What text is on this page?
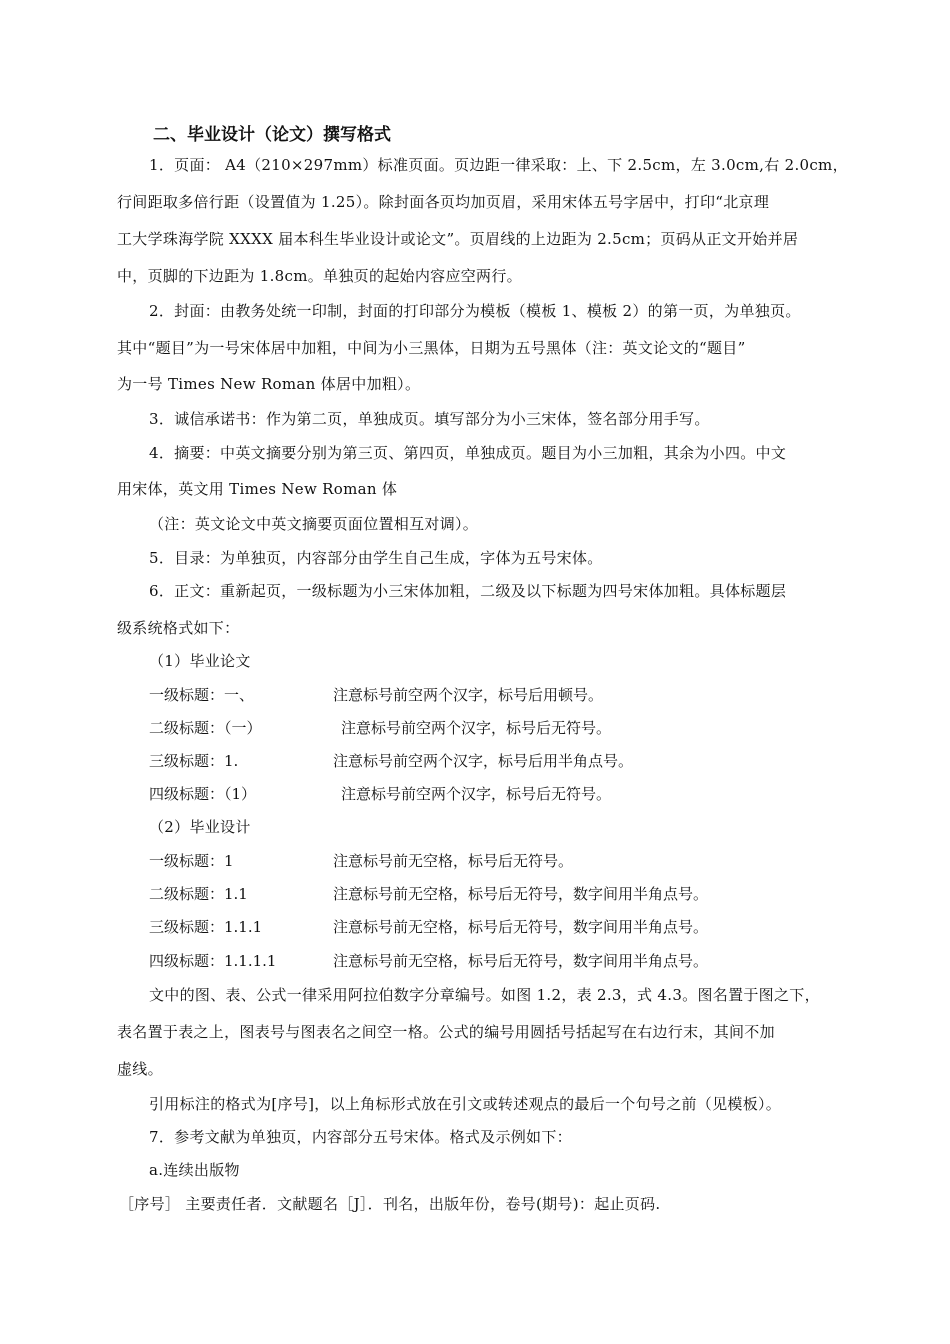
二、毕业设计（论文）撰写格式
1．页面： A4（210×297mm）标准页面。页边距一律采取：上、下 2.5cm，左 3.0cm,右 2.0cm，
行间距取多倍行距（设置值为 1.25）。除封面各页均加页眉，采用宋体五号字居中，打印“北京理
工大学珠海学院 XXXX 届本科生毕业设计或论文”。页眉线的上边距为 2.5cm；页码从正文开始并居
中，页脚的下边距为 1.8cm。单独页的起始内容应空两行。
2．封面：由教务处统一印制，封面的打印部分为模板（模板 1、模板 2）的第一页，为单独页。
其中“题目”为一号宋体居中加粗，中间为小三黑体，日期为五号黑体（注：英文论文的“题目”
为一号 Times New Roman 体居中加粗）。
3．诚信承诺书：作为第二页，单独成页。填写部分为小三宋体，签名部分用手写。
4．摘要：中英文摘要分别为第三页、第四页，单独成页。题目为小三加粗，其余为小四。中文
用宋体，英文用 Times New Roman 体
（注：英文论文中英文摘要页面位置相互对调）。
5．目录：为单独页，内容部分由学生自己生成，字体为五号宋体。
6．正文：重新起页，一级标题为小三宋体加粗，二级及以下标题为四号宋体加粗。具体标题层
级系统格式如下：
（1）毕业论文
一级标题：一、	注意标号前空两个汉字，标号后用顿号。
二级标题：（一）	注意标号前空两个汉字，标号后无符号。
三级标题：1.	注意标号前空两个汉字，标号后用半角点号。
四级标题：（1）	注意标号前空两个汉字，标号后无符号。
（2）毕业设计
一级标题：1	注意标号前无空格，标号后无符号。
二级标题：1.1	注意标号前无空格，标号后无符号，数字间用半角点号。
三级标题：1.1.1	注意标号前无空格，标号后无符号，数字间用半角点号。
四级标题：1.1.1.1	注意标号前无空格，标号后无符号，数字间用半角点号。
文中的图、表、公式一律采用阿拉伯数字分章编号。如图 1.2，表 2.3，式 4.3。图名置于图之下，
表名置于表之上，图表号与图表名之间空一格。公式的编号用圆括号括起写在右边行末，其间不加
虚线。
引用标注的格式为[序号]，以上角标形式放在引文或转述观点的最后一个句号之前（见模板）。
7．参考文献为单独页，内容部分五号宋体。格式及示例如下：
a.连续出版物
［序号］ 主要责任者．文献题名［J］．刊名，出版年份，卷号(期号)：起止页码.
